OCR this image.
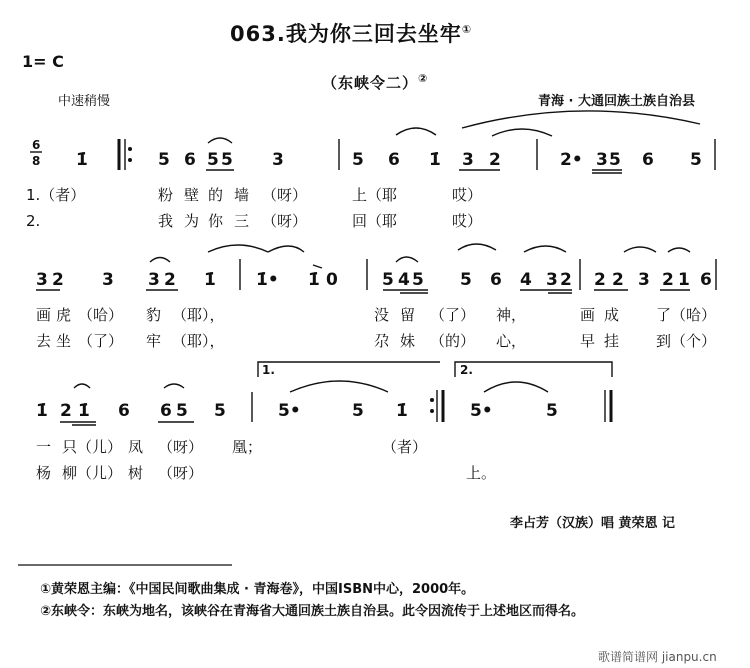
063.我为你三回去坐牢①
1= C
（东峡令二）②
中速稍慢	青海 · 大通回族土族自治县
6
8 1̇	5 6 5 5 3	5 6 1̇ 3 2	2• 3 5 6 5
1.（者）	粉 壁 的 墙 （呀）	上（耶	哎）
2.	我 为 你 三 （呀）	回（耶	哎）
3 2 3 3 2 1̇ 1̇• 1̇ 0	5 4 5 5 6 4 3 2 2 2 3 2 1 6
画 虎 （哈） 豹 （耶），	没 留 （了） 神，	画 成 了（哈）
去 坐 （了） 牢 （耶），	尕 妹 （的） 心，	早 挂 到（个）
1.	2.
1̇ 2 1̇ 6 6 5 5	5•	5 1̇	5•	5
一 只（儿） 凤 （呀） 凰；	（者）
杨 柳（儿） 树 （呀）	上。
李占芳（汉族）唱 黄荣恩 记
①黄荣恩主编：《中国民间歌曲集成 · 青海卷》，中国ISBN中心，2000年。
②东峡令：东峡为地名，该峡谷在青海省大通回族土族自治县。此令因流传于上述地区而得名。
歌谱简谱网 jianpu.cn
